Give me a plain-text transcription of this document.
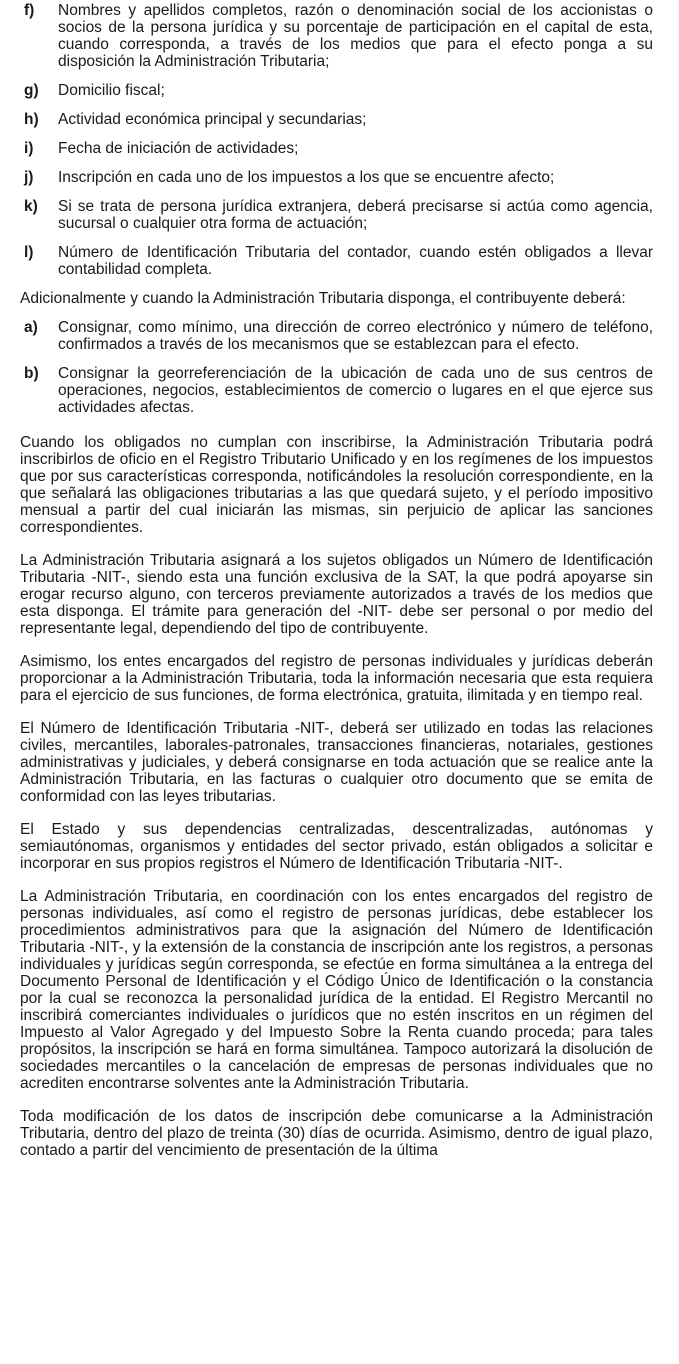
f)	Nombres y apellidos completos, razón o denominación social de los accionistas o socios de la persona jurídica y su porcentaje de participación en el capital de esta, cuando corresponda, a través de los medios que para el efecto ponga a su disposición la Administración Tributaria;
g)	Domicilio fiscal;
h)	Actividad económica principal y secundarias;
i)	Fecha de iniciación de actividades;
j)	Inscripción en cada uno de los impuestos a los que se encuentre afecto;
k)	Si se trata de persona jurídica extranjera, deberá precisarse si actúa como agencia, sucursal o cualquier otra forma de actuación;
l)	Número de Identificación Tributaria del contador, cuando estén obligados a llevar contabilidad completa.

Adicionalmente y cuando la Administración Tributaria disponga, el contribuyente deberá:

a)	Consignar, como mínimo, una dirección de correo electrónico y número de teléfono, confirmados a través de los mecanismos que se establezcan para el efecto.
b)	Consignar la georreferenciación de la ubicación de cada uno de sus centros de operaciones, negocios, establecimientos de comercio o lugares en el que ejerce sus actividades afectas.

Cuando los obligados no cumplan con inscribirse, la Administración Tributaria podrá inscribirlos de oficio en el Registro Tributario Unificado y en los regímenes de los impuestos que por sus características corresponda, notificándoles la resolución correspondiente, en la que señalará las obligaciones tributarias a las que quedará sujeto, y el período impositivo mensual a partir del cual iniciarán las mismas, sin perjuicio de aplicar las sanciones correspondientes.

La Administración Tributaria asignará a los sujetos obligados un Número de Identificación Tributaria -NIT-, siendo esta una función exclusiva de la SAT, la que podrá apoyarse sin erogar recurso alguno, con terceros previamente autorizados a través de los medios que esta disponga. El trámite para generación del -NIT- debe ser personal o por medio del representante legal, dependiendo del tipo de contribuyente.

Asimismo, los entes encargados del registro de personas individuales y jurídicas deberán proporcionar a la Administración Tributaria, toda la información necesaria que esta requiera para el ejercicio de sus funciones, de forma electrónica, gratuita, ilimitada y en tiempo real.

El Número de Identificación Tributaria -NIT-, deberá ser utilizado en todas las relaciones civiles, mercantiles, laborales-patronales, transacciones financieras, notariales, gestiones administrativas y judiciales, y deberá consignarse en toda actuación que se realice ante la Administración Tributaria, en las facturas o cualquier otro documento que se emita de conformidad con las leyes tributarias.

El Estado y sus dependencias centralizadas, descentralizadas, autónomas y semiautónomas, organismos y entidades del sector privado, están obligados a solicitar e incorporar en sus propios registros el Número de Identificación Tributaria -NIT-.

La Administración Tributaria, en coordinación con los entes encargados del registro de personas individuales, así como el registro de personas jurídicas, debe establecer los procedimientos administrativos para que la asignación del Número de Identificación Tributaria -NIT-, y la extensión de la constancia de inscripción ante los registros, a personas individuales y jurídicas según corresponda, se efectúe en forma simultánea a la entrega del Documento Personal de Identificación y el Código Único de Identificación o la constancia por la cual se reconozca la personalidad jurídica de la entidad. El Registro Mercantil no inscribirá comerciantes individuales o jurídicos que no estén inscritos en un régimen del Impuesto al Valor Agregado y del Impuesto Sobre la Renta cuando proceda; para tales propósitos, la inscripción se hará en forma simultánea. Tampoco autorizará la disolución de sociedades mercantiles o la cancelación de empresas de personas individuales que no acrediten encontrarse solventes ante la Administración Tributaria.

Toda modificación de los datos de inscripción debe comunicarse a la Administración Tributaria, dentro del plazo de treinta (30) días de ocurrida. Asimismo, dentro de igual plazo, contado a partir del vencimiento de presentación de la última
